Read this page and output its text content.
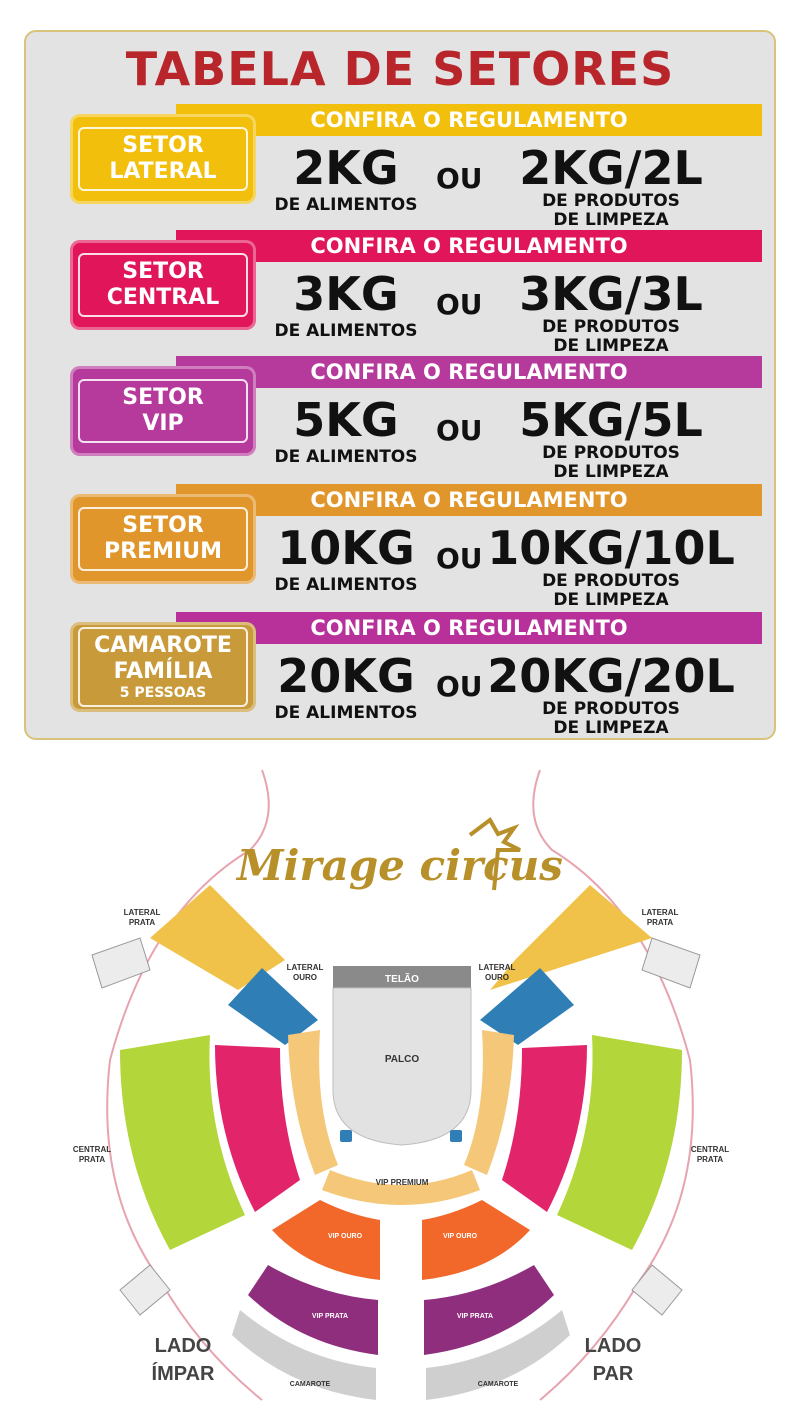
TABELA DE SETORES
CONFIRA O REGULAMENTO
SETOR
LATERAL	2KG
DE ALIMENTOS
OU 2KG/2L
DE PRODUTOS
DE LIMPEZA
CONFIRA O REGULAMENTO
SETOR
CENTRAL	3KG
DE ALIMENTOS
OU 3KG/3L
DE PRODUTOS
DE LIMPEZA
CONFIRA O REGULAMENTO
SETOR
VIP	5KG
DE ALIMENTOS
OU 5KG/5L
DE PRODUTOS
DE LIMPEZA
CONFIRA O REGULAMENTO
SETOR
PREMIUM	10KG
DE ALIMENTOS
OU 10KG/10L
DE PRODUTOS
DE LIMPEZA
CONFIRA O REGULAMENTO
CAMAROTE
FAMÍLIA
5 PESSOAS	20KG
DE ALIMENTOS
OU 20KG/20L
DE PRODUTOS
DE LIMPEZA
Mirage circus
TELÃO
PALCO
LATERAL PRATA
LATERAL PRATA
LATERAL OURO
LATERAL OURO
CENTRAL PRATA
CENTRAL PRATA
VIP PREMIUM
VIP OURO	VIP OURO
VIP PRATA	VIP PRATA
CAMAROTE	CAMAROTE
LADO
ÍMPAR
LADO
PAR
